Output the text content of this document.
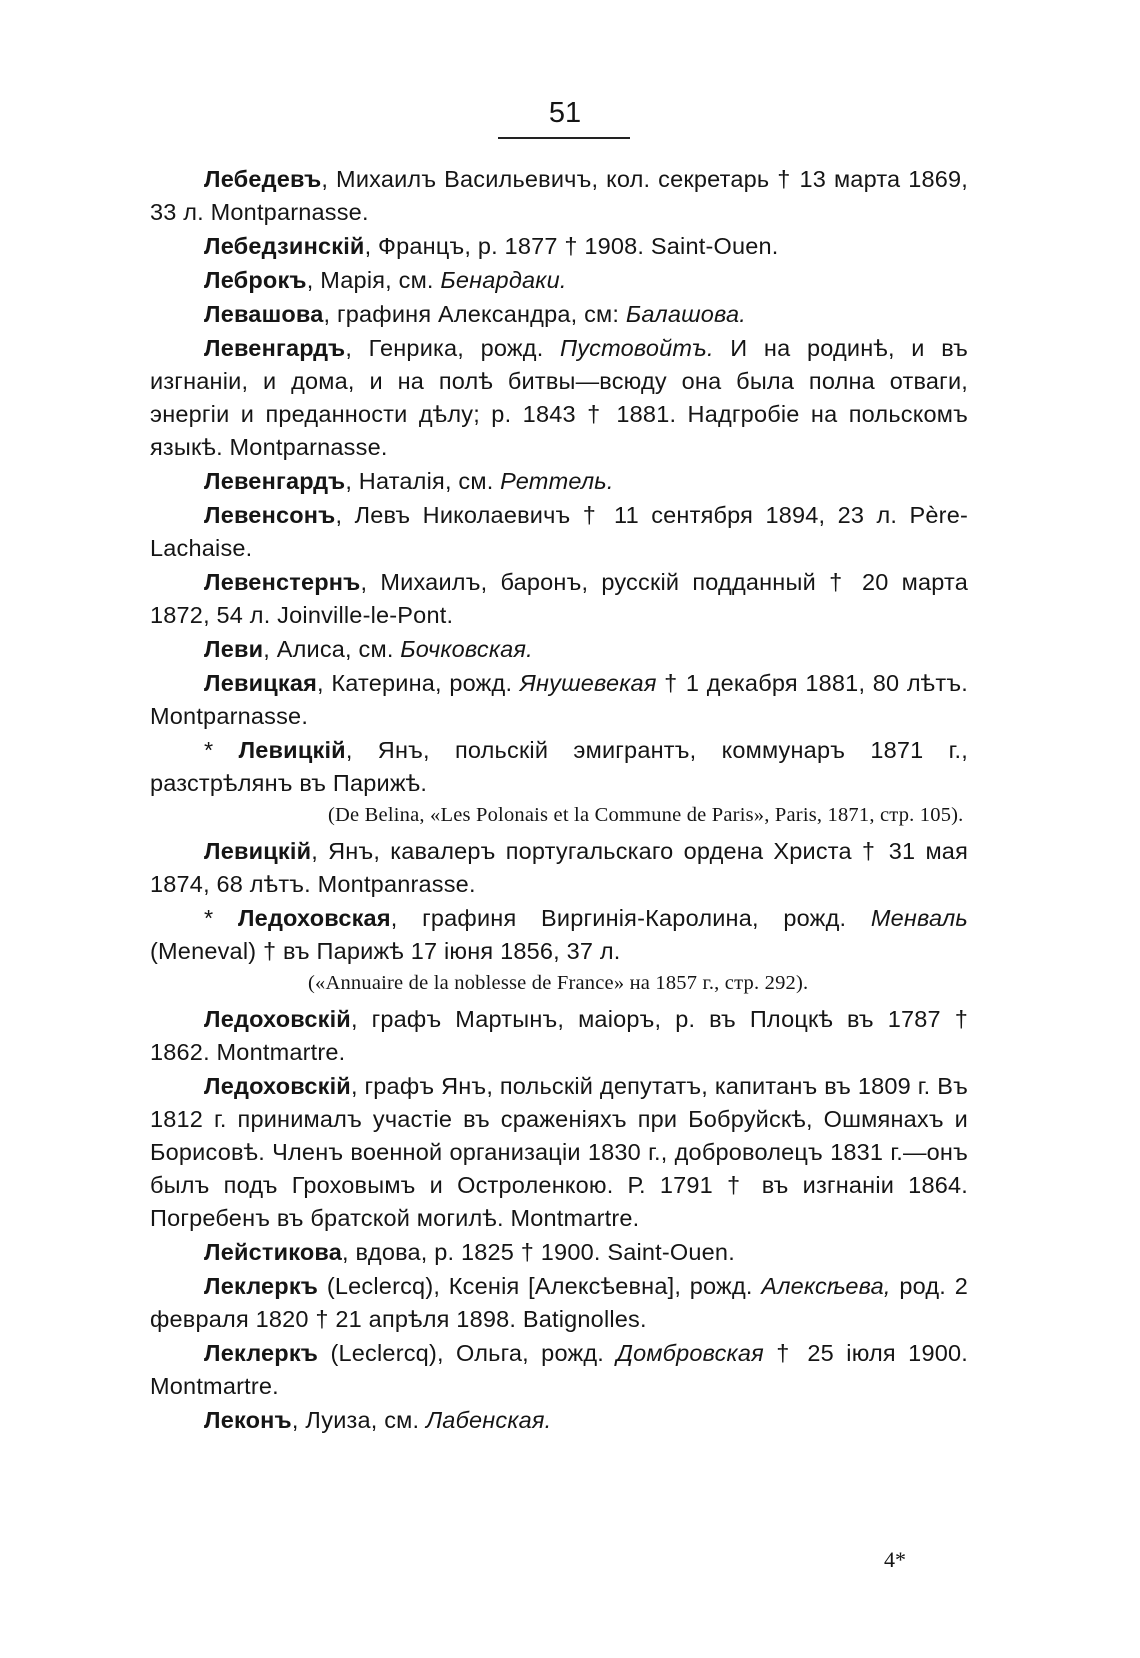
51
Лебедевъ, Михаилъ Васильевичъ, кол. секретарь † 13 марта 1869, 33 л. Montparnasse.
Лебедзинскій, Францъ, р. 1877 † 1908. Saint-Ouen.
Леброкъ, Марія, см. Бенардаки.
Левашова, графиня Александра, см: Балашова.
Левенгардъ, Генрика, рожд. Пустовойтъ. И на родинѣ, и въ изгнаніи, и дома, и на полѣ битвы—всюду она была полна отваги, энергіи и преданности дѣлу; р. 1843 † 1881. Надгробіе на польскомъ языкѣ. Montparnasse.
Левенгардъ, Наталія, см. Реттель.
Левенсонъ, Левъ Николаевичъ † 11 сентября 1894, 23 л. Père-Lachaise.
Левенстернъ, Михаилъ, баронъ, русскій подданный † 20 марта 1872, 54 л. Joinville-le-Pont.
Леви, Алиса, см. Бочковская.
Левицкая, Катерина, рожд. Янушевекая † 1 декабря 1881, 80 лѣтъ. Montparnasse.
* Левицкій, Янъ, польскій эмигрантъ, коммунаръ 1871 г., разстрѣлянъ въ Парижѣ.
(De Belina, «Les Polonais et la Commune de Paris», Paris, 1871, стр. 105).
Левицкій, Янъ, кавалеръ португальскаго ордена Христа † 31 мая 1874, 68 лѣтъ. Montpanrasse.
* Ледоховская, графиня Виргинія-Каролина, рожд. Менваль (Meneval) † въ Парижѣ 17 іюня 1856, 37 л.
(«Annuaire de la noblesse de France» на 1857 г., стр. 292).
Ледоховскій, графъ Мартынъ, маіоръ, р. въ Плоцкѣ въ 1787 † 1862. Montmartre.
Ледоховскій, графъ Янъ, польскій депутатъ, капитанъ въ 1809 г. Въ 1812 г. принималъ участіе въ сраженіяхъ при Бобруйскѣ, Ошмянахъ и Борисовѣ. Членъ военной организаціи 1830 г., доброволецъ 1831 г.—онъ былъ подъ Гроховымъ и Остроленкою. Р. 1791 † въ изгнаніи 1864. Погребенъ въ братской могилѣ. Montmartre.
Лейстикова, вдова, р. 1825 † 1900. Saint-Ouen.
Леклеркъ (Leclercq), Ксенія [Алексѣевна], рожд. Алексѣева, род. 2 февраля 1820 † 21 апрѣля 1898. Batignolles.
Леклеркъ (Leclercq), Ольга, рожд. Домбровская † 25 іюля 1900. Montmartre.
Леконъ, Луиза, см. Лабенская.
4*
